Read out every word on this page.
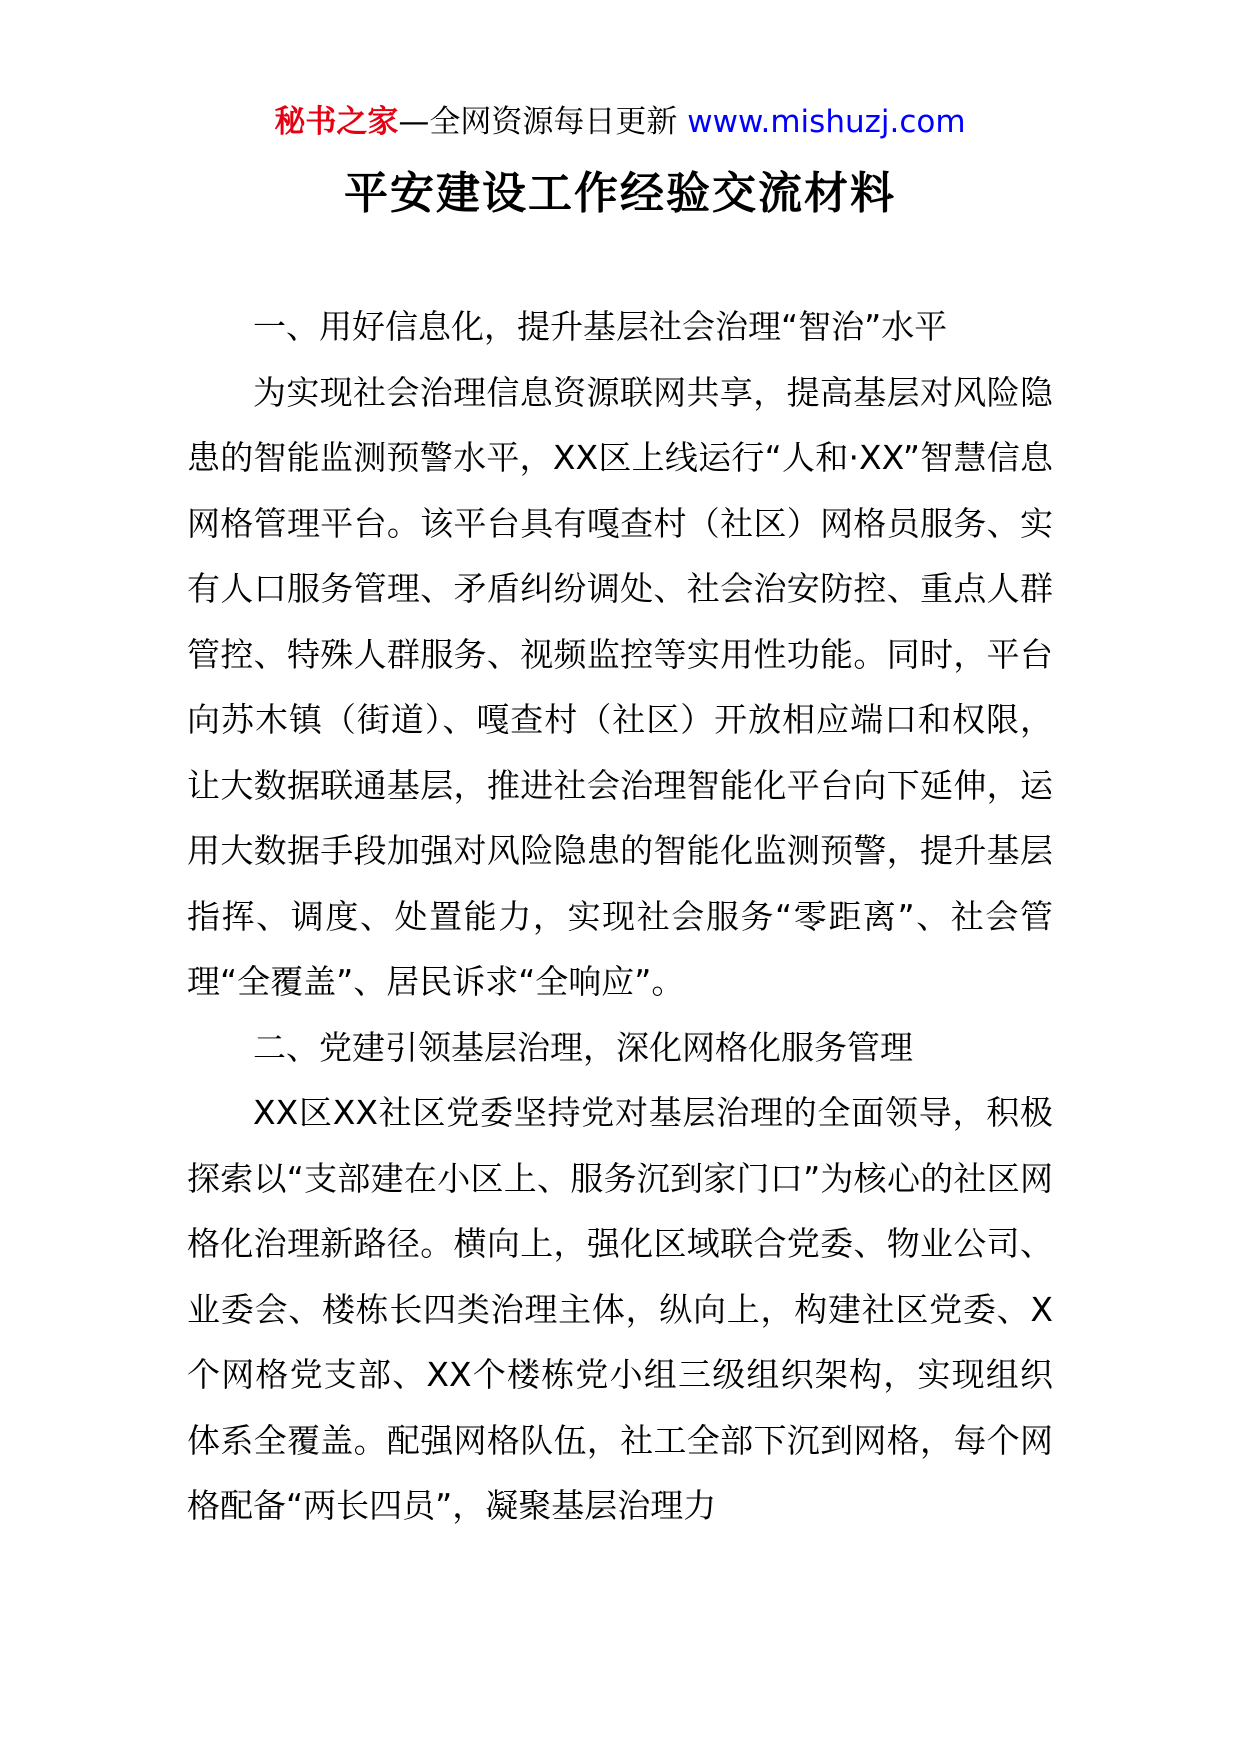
秘书之家—全网资源每日更新 www.mishuzj.com
平安建设工作经验交流材料

一、用好信息化，提升基层社会治理“智治”水平

为实现社会治理信息资源联网共享，提高基层对风险隐患的智能监测预警水平，XX区上线运行“人和·XX”智慧信息网格管理平台。该平台具有嘎查村（社区）网格员服务、实有人口服务管理、矛盾纠纷调处、社会治安防控、重点人群管控、特殊人群服务、视频监控等实用性功能。同时，平台向苏木镇（街道）、嘎查村（社区）开放相应端口和权限，让大数据联通基层，推进社会治理智能化平台向下延伸，运用大数据手段加强对风险隐患的智能化监测预警，提升基层指挥、调度、处置能力，实现社会服务“零距离”、社会管理“全覆盖”、居民诉求“全响应”。

二、党建引领基层治理，深化网格化服务管理

XX区XX社区党委坚持党对基层治理的全面领导，积极探索以“支部建在小区上、服务沉到家门口”为核心的社区网格化治理新路径。横向上，强化区域联合党委、物业公司、业委会、楼栋长四类治理主体，纵向上，构建社区党委、X个网格党支部、XX个楼栋党小组三级组织架构，实现组织体系全覆盖。配强网格队伍，社工全部下沉到网格，每个网格配备“两长四员”，凝聚基层治理力
